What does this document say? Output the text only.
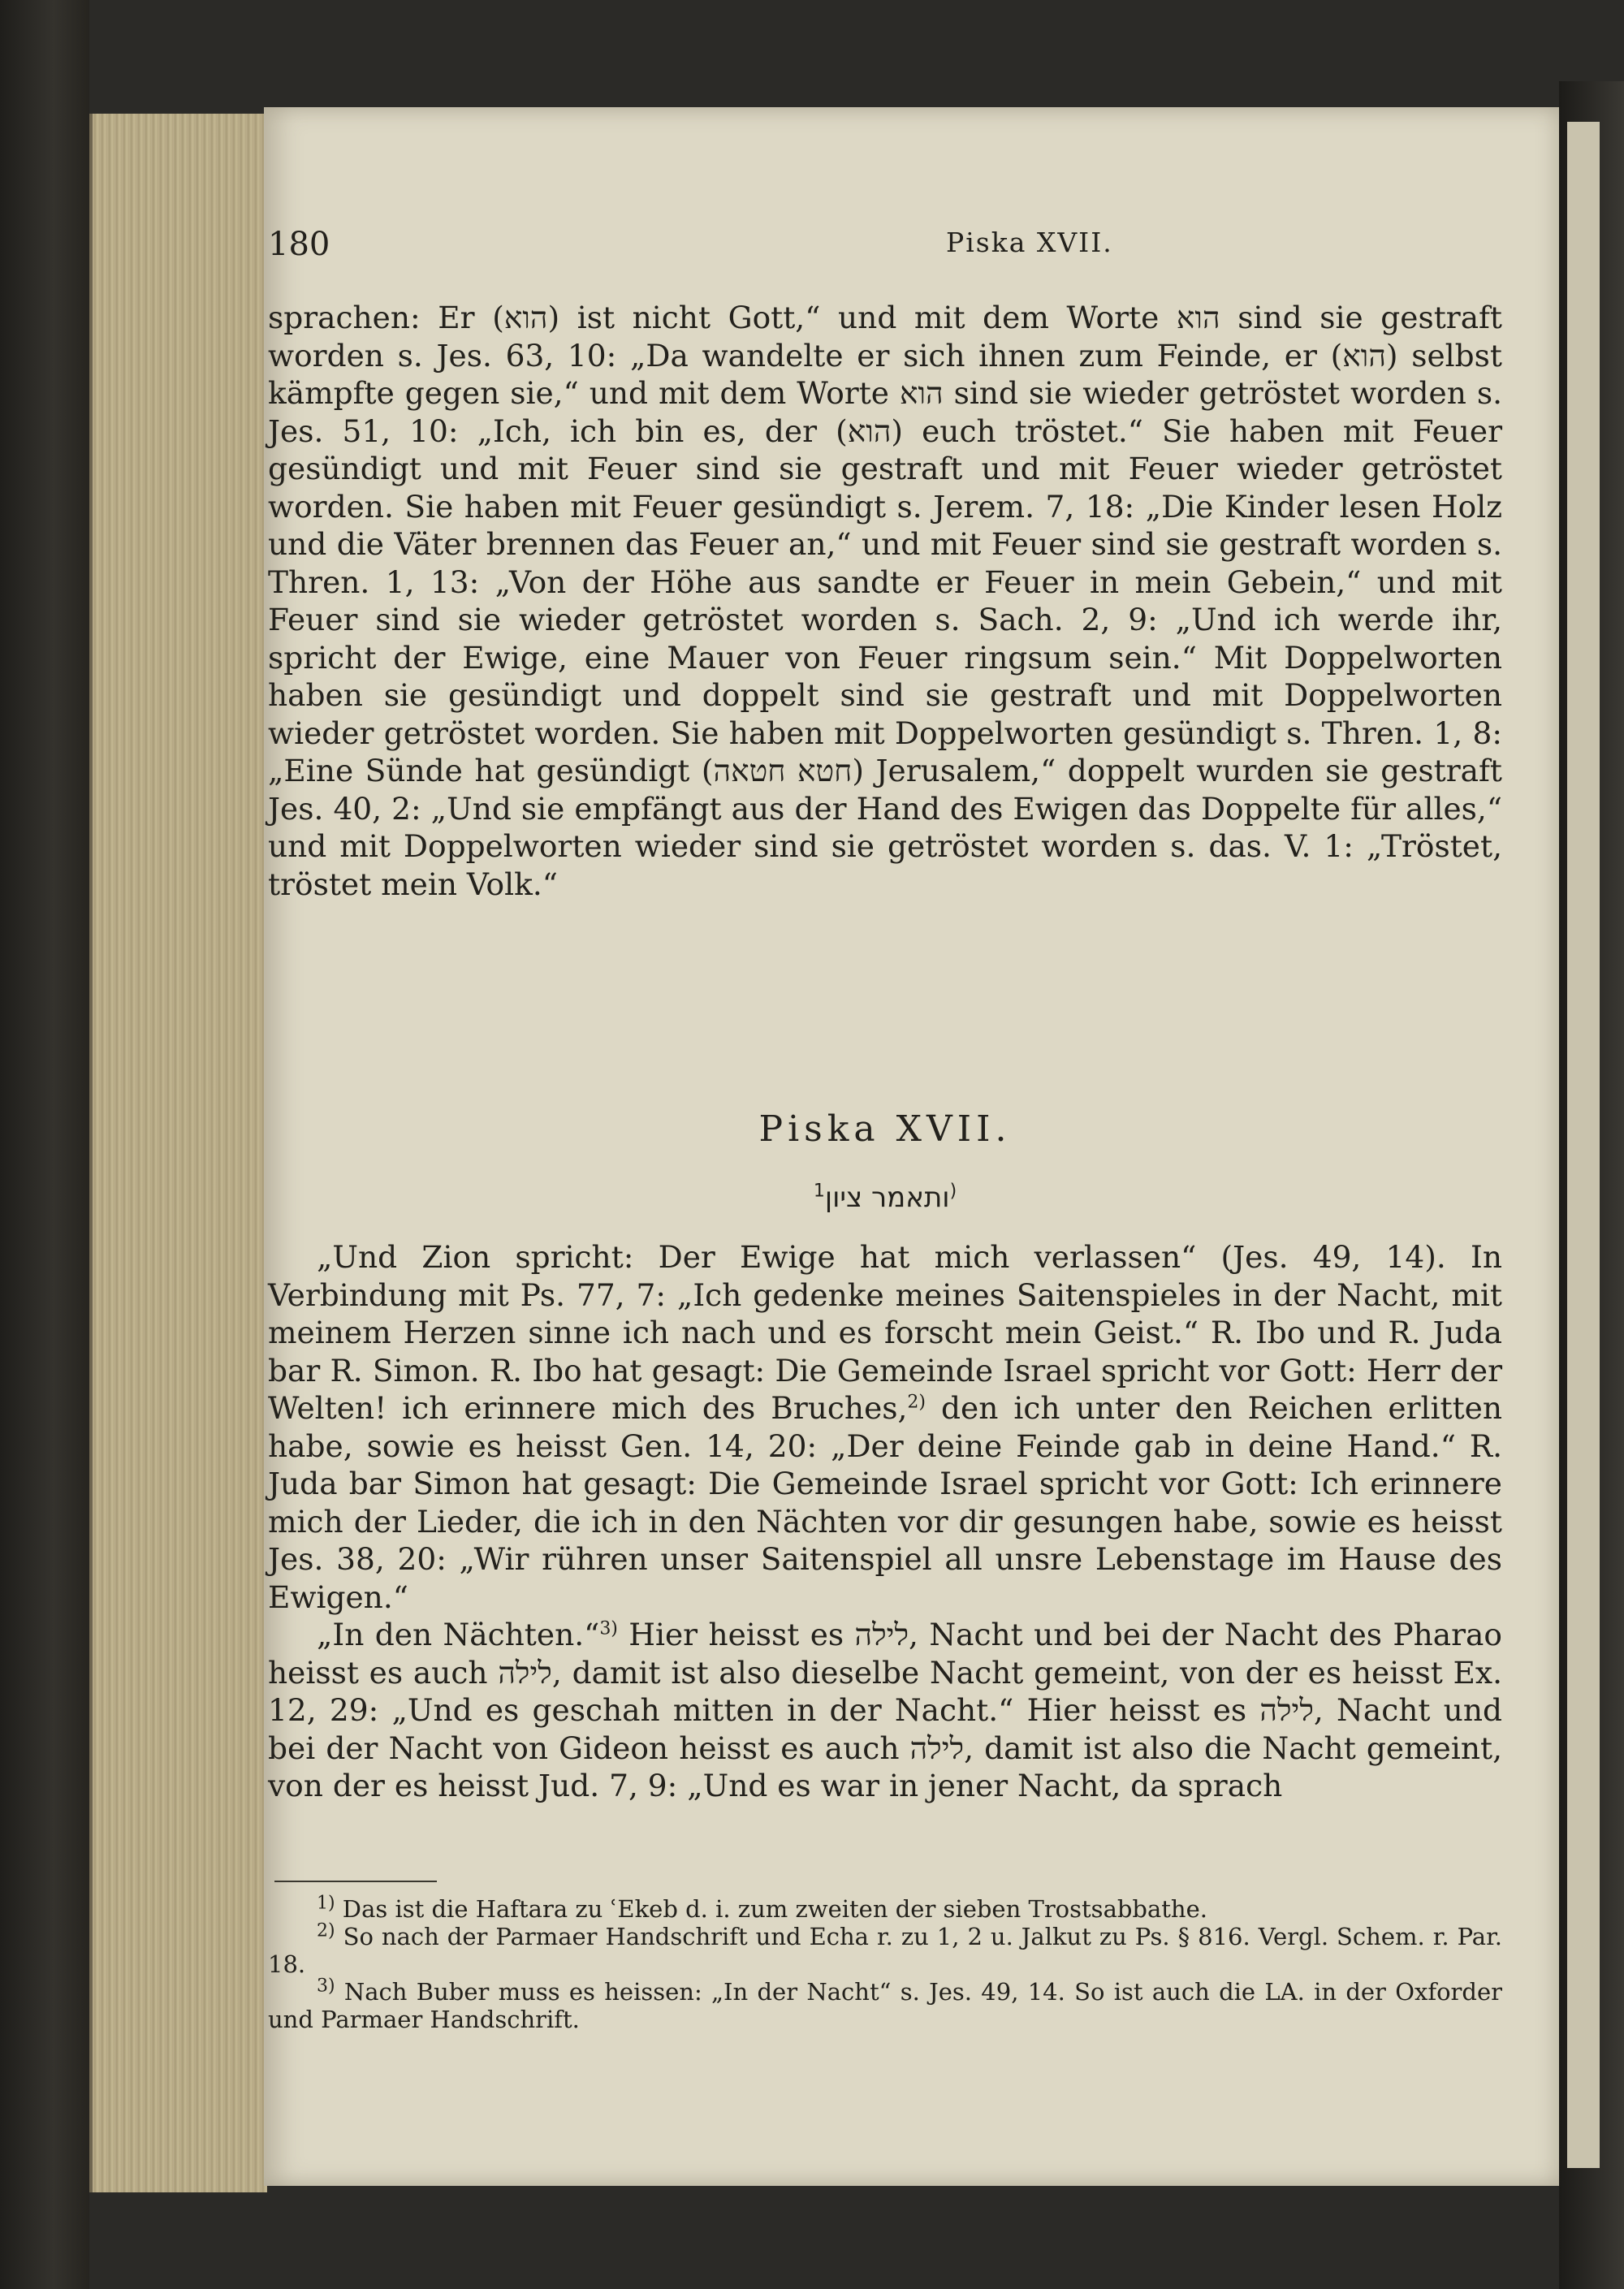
180	Piska XVII.

sprachen: Er (הוא) ist nicht Gott,“ und mit dem Worte הוא sind sie gestraft worden s. Jes. 63, 10: „Da wandelte er sich ihnen zum Feinde, er (הוא) selbst kämpfte gegen sie,“ und mit dem Worte הוא sind sie wieder getröstet worden s. Jes. 51, 10: „Ich, ich bin es, der (הוא) euch tröstet.“ Sie haben mit Feuer gesündigt und mit Feuer sind sie gestraft und mit Feuer wieder getröstet worden. Sie haben mit Feuer gesündigt s. Jerem. 7, 18: „Die Kinder lesen Holz und die Väter brennen das Feuer an,“ und mit Feuer sind sie gestraft worden s. Thren. 1, 13: „Von der Höhe aus sandte er Feuer in mein Gebein,“ und mit Feuer sind sie wieder getröstet worden s. Sach. 2, 9: „Und ich werde ihr, spricht der Ewige, eine Mauer von Feuer ringsum sein.“ Mit Doppelworten haben sie gesündigt und doppelt sind sie gestraft und mit Doppelworten wieder getröstet worden. Sie haben mit Doppelworten gesündigt s. Thren. 1, 8: „Eine Sünde hat gesündigt (חטא חטאה) Jerusalem,“ doppelt wurden sie gestraft Jes. 40, 2: „Und sie empfängt aus der Hand des Ewigen das Doppelte für alles,“ und mit Doppelworten wieder sind sie getröstet worden s. das. V. 1: „Tröstet, tröstet mein Volk.“

Piska XVII.
ותאמר ציון$^{1)}$

„Und Zion spricht: Der Ewige hat mich verlassen“ (Jes. 49, 14). In Verbindung mit Ps. 77, 7: „Ich gedenke meines Saitenspieles in der Nacht, mit meinem Herzen sinne ich nach und es forscht mein Geist.“ R. Ibo und R. Juda bar R. Simon. R. Ibo hat gesagt: Die Gemeinde Israel spricht vor Gott: Herr der Welten! ich erinnere mich des Bruches,$^{2)}$ den ich unter den Reichen erlitten habe, sowie es heisst Gen. 14, 20: „Der deine Feinde gab in deine Hand.“ R. Juda bar Simon hat gesagt: Die Gemeinde Israel spricht vor Gott: Ich erinnere mich der Lieder, die ich in den Nächten vor dir gesungen habe, sowie es heisst Jes. 38, 20: „Wir rühren unser Saitenspiel all unsre Lebenstage im Hause des Ewigen.“

„In den Nächten.“$^{3)}$ Hier heisst es לילה, Nacht und bei der Nacht des Pharao heisst es auch לילה, damit ist also dieselbe Nacht gemeint, von der es heisst Ex. 12, 29: „Und es geschah mitten in der Nacht.“ Hier heisst es לילה, Nacht und bei der Nacht von Gideon heisst es auch לילה, damit ist also die Nacht gemeint, von der es heisst Jud. 7, 9: „Und es war in jener Nacht, da sprach

$^{1)}$ Das ist die Haftara zu ʿEkeb d. i. zum zweiten der sieben Trostsabbathe.

$^{2)}$ So nach der Parmaer Handschrift und Echa r. zu 1, 2 u. Jalkut zu Ps. § 816. Vergl. Schem. r. Par. 18.

$^{3)}$ Nach Buber muss es heissen: „In der Nacht“ s. Jes. 49, 14. So ist auch die LA. in der Oxforder und Parmaer Handschrift.
